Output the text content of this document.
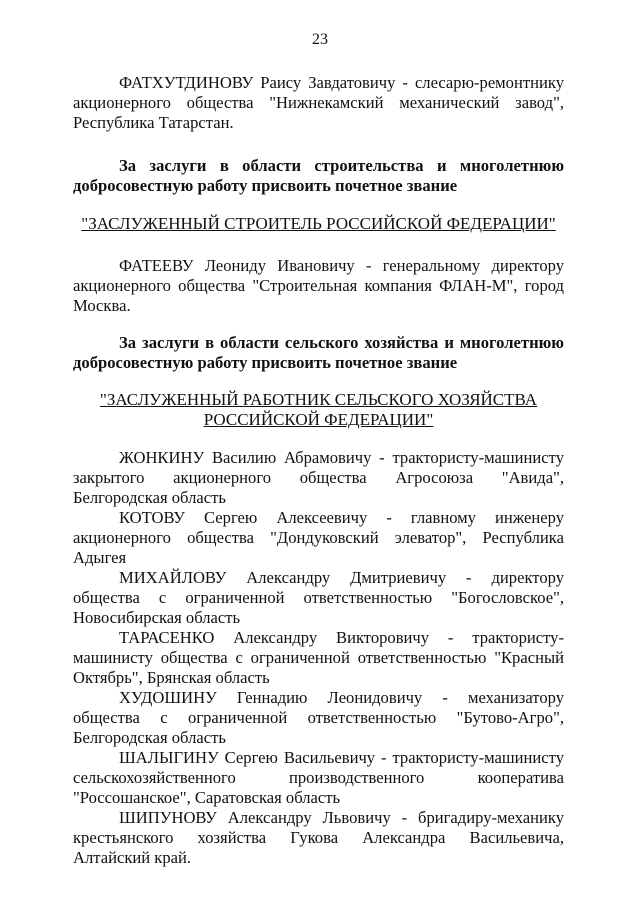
23

ФАТХУТДИНОВУ Раису Завдатовичу - слесарю-ремонтнику акционерного общества "Нижнекамский механический завод", Республика Татарстан.

За заслуги в области строительства и многолетнюю добросовестную работу присвоить почетное звание

"ЗАСЛУЖЕННЫЙ СТРОИТЕЛЬ РОССИЙСКОЙ ФЕДЕРАЦИИ"

ФАТЕЕВУ Леониду Ивановичу - генеральному директору акционерного общества "Строительная компания ФЛАН-М", город Москва.

За заслуги в области сельского хозяйства и многолетнюю добросовестную работу присвоить почетное звание

"ЗАСЛУЖЕННЫЙ РАБОТНИК СЕЛЬСКОГО ХОЗЯЙСТВА
РОССИЙСКОЙ ФЕДЕРАЦИИ"

ЖОНКИНУ Василию Абрамовичу - трактористу-машинисту закрытого акционерного общества Агросоюза "Авида", Белгородская область

КОТОВУ Сергею Алексеевичу - главному инженеру акционерного общества "Дондуковский элеватор", Республика Адыгея

МИХАЙЛОВУ Александру Дмитриевичу - директору общества с ограниченной ответственностью "Богословское", Новосибирская область

ТАРАСЕНКО Александру Викторовичу - трактористу-машинисту общества с ограниченной ответственностью "Красный Октябрь", Брянская область

ХУДОШИНУ Геннадию Леонидовичу - механизатору общества с ограниченной ответственностью "Бутово-Агро", Белгородская область

ШАЛЫГИНУ Сергею Васильевичу - трактористу-машинисту сельскохозяйственного производственного кооператива "Россошанское", Саратовская область

ШИПУНОВУ Александру Львовичу - бригадиру-механику крестьянского хозяйства Гукова Александра Васильевича, Алтайский край.
